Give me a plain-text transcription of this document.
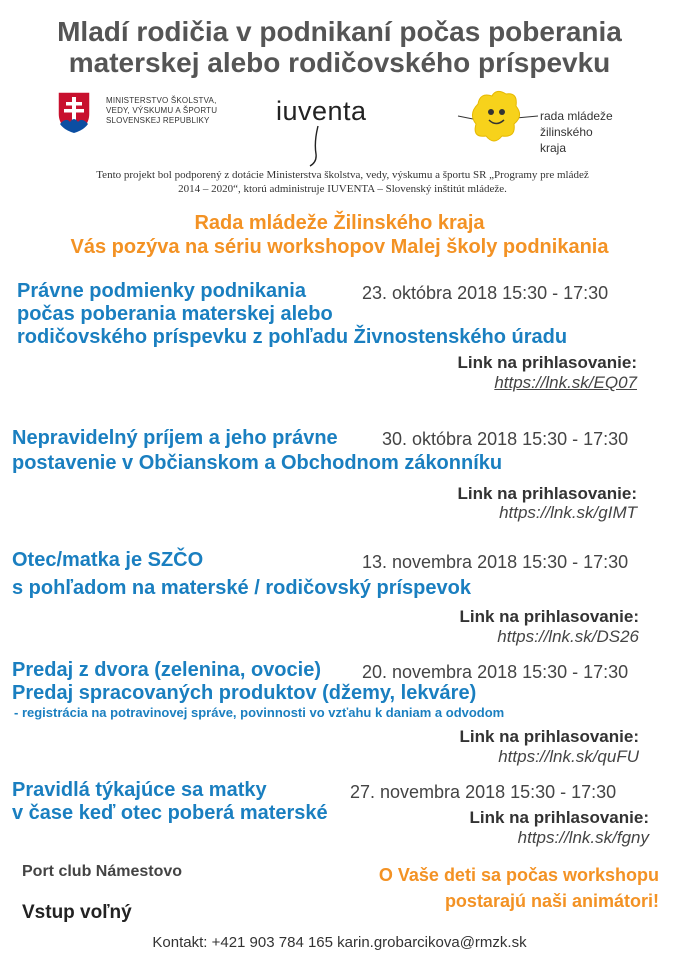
Mladí rodičia v podnikaní počas poberania
materskej alebo rodičovského príspevku
MINISTERSTVO ŠKOLSTVA,
VEDY, VÝSKUMU A ŠPORTU
SLOVENSKEJ REPUBLIKY iuventa	rada mládeže
žilinského kraja
Tento projekt bol podporený z dotácie Ministerstva školstva, vedy, výskumu a športu SR „Programy pre mládež
2014 – 2020“, ktorú administruje IUVENTA – Slovenský inštitút mládeže.
Rada mládeže Žilinského kraja
Vás pozýva na sériu workshopov Malej školy podnikania
Právne podmienky podnikania	23. októbra 2018 15:30 - 17:30
počas poberania materskej alebo
rodičovského príspevku z pohľadu Živnostenského úradu
Link na prihlasovanie:
https://lnk.sk/EQ07
Nepravidelný príjem a jeho právne 30. októbra 2018 15:30 - 17:30
postavenie v Občianskom a Obchodnom zákonníku
Link na prihlasovanie:
https://lnk.sk/gIMT
Otec/matka je SZČO	13. novembra 2018 15:30 - 17:30
s pohľadom na materské / rodičovský príspevok
Link na prihlasovanie:
https://lnk.sk/DS26
Predaj z dvora (zelenina, ovocie) 20. novembra 2018 15:30 - 17:30
Predaj spracovaných produktov (džemy, lekváre)
- registrácia na potravinovej správe, povinnosti vo vzťahu k daniam a odvodom
Link na prihlasovanie:
https://lnk.sk/quFU
Pravidlá týkajúce sa matky	27. novembra 2018 15:30 - 17:30
v čase keď otec poberá materské	Link na prihlasovanie:
https://lnk.sk/fgny
Port club Námestovo
Vstup voľný
O Vaše deti sa počas workshopu
postarajú naši animátori!
Kontakt: +421 903 784 165 karin.grobarcikova@rmzk.sk
